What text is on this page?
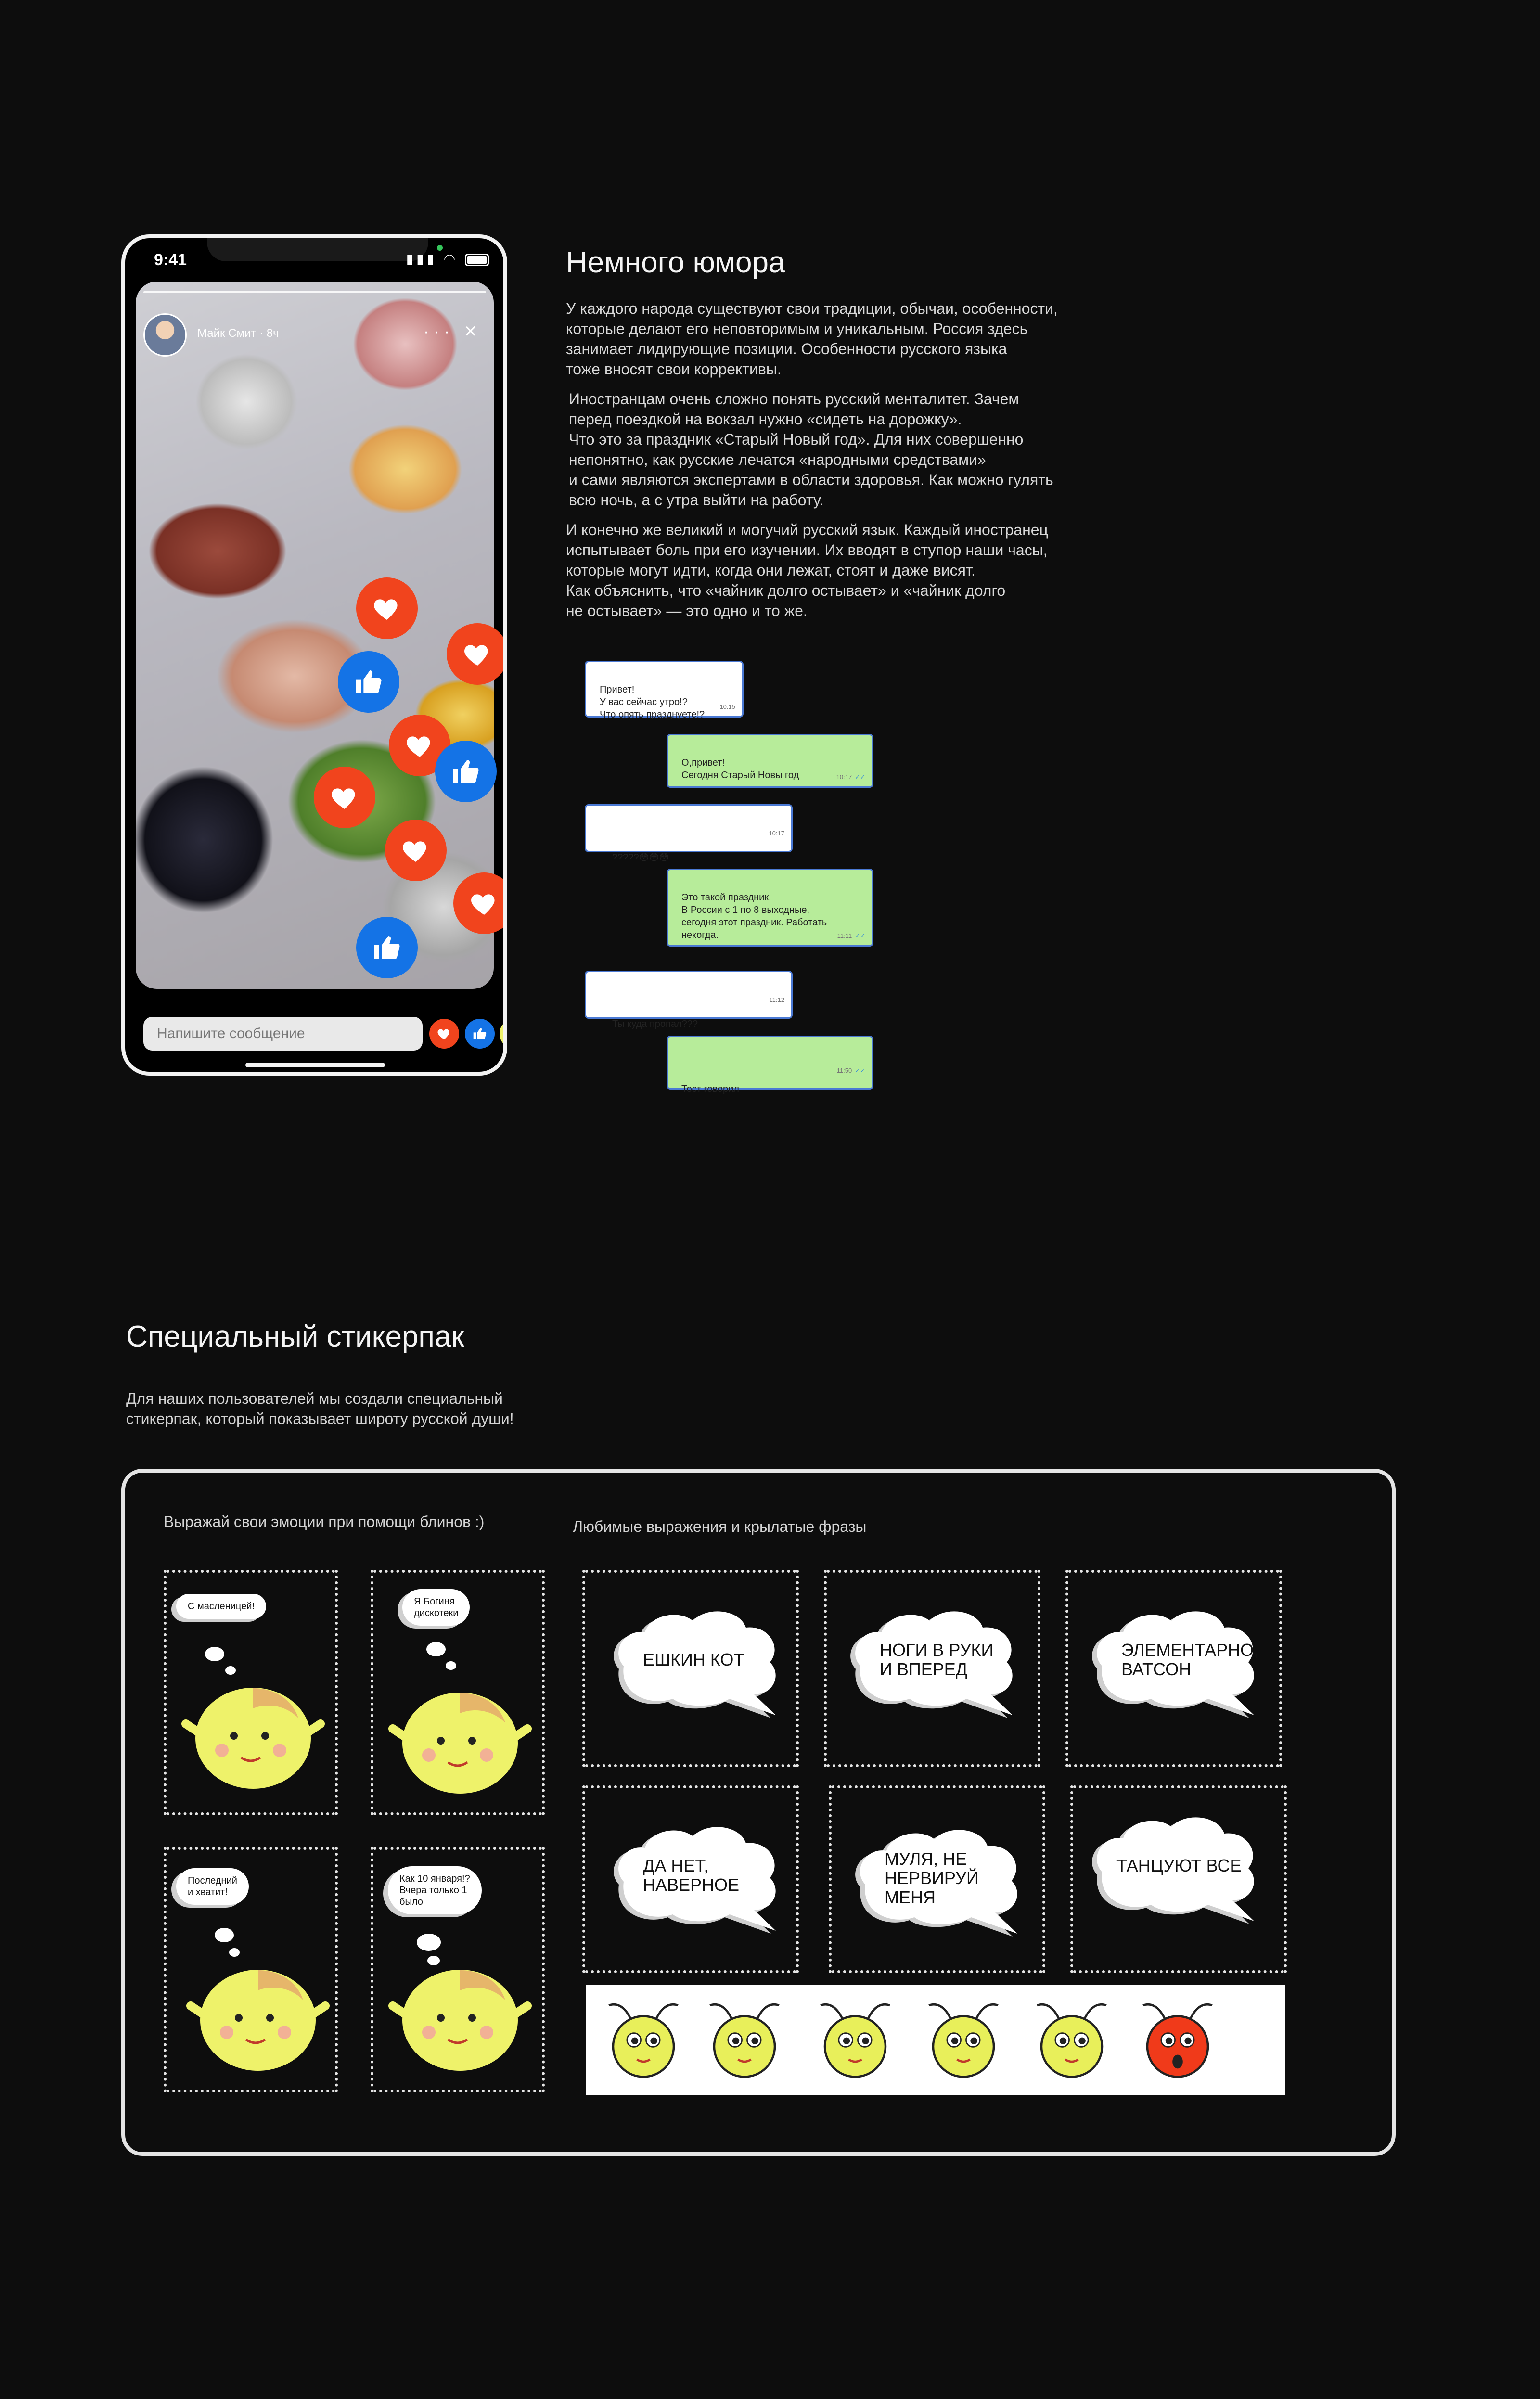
9:41	▮▮▮ ◠
Майк Смит · 8ч	··· ✕
Напишите сообщение
Немного юмора
У каждого народа существуют свои традиции, обычаи, особенности,
которые делают его неповторимым и уникальным. Россия здесь
занимает лидирующие позиции. Особенности русского языка
тоже вносят свои коррективы.
Иностранцам очень сложно понять русский менталитет. Зачем
перед поездкой на вокзал нужно «сидеть на дорожку».
Что это за праздник «Старый Новый год». Для них совершенно
непонятно, как русские лечатся «народными средствами»
и сами являются экспертами в области здоровья. Как можно гулять
всю ночь, а с утра выйти на работу.
И конечно же великий и могучий русский язык. Каждый иностранец
испытывает боль при его изучении. Их вводят в ступор наши часы,
которые могут идти, когда они лежат, стоят и даже висят.
Как объяснить, что «чайник долго остывает» и «чайник долго
не остывает» — это одно и то же.

Привет!
У вас сейчас утро!?
Что опять празднуете!?

10:15

О,привет!
Сегодня Старый Новы год	10:17 ✓✓

?????😳😳😳

10:17

Это такой праздник.
В России с 1 по 8 выходные,
сегодня этот праздник. Работать
некогда.	11:11 ✓✓

Ты куда пропал???

11:12

Тост говорил

11:50 ✓✓

Специальный стикерпак
Для наших пользователей мы создали специальный
стикерпак, который показывает широту русской души!
Выражай свои эмоции при помощи блинов :)	Любимые выражения и крылатые фразы
С масленицей!	Я Богиня
дискотеки
Последний
и хватит!
Как 10 января!?
Вчера только 1
было
ЕШКИН КОТ	НОГИ В РУКИ
И ВПЕРЕД
ЭЛЕМЕНТАРНО,
ВАТСОН
ДА НЕТ,
НАВЕРНОЕ
МУЛЯ, НЕ
НЕРВИРУЙ
МЕНЯ
ТАНЦУЮТ ВСЕ
